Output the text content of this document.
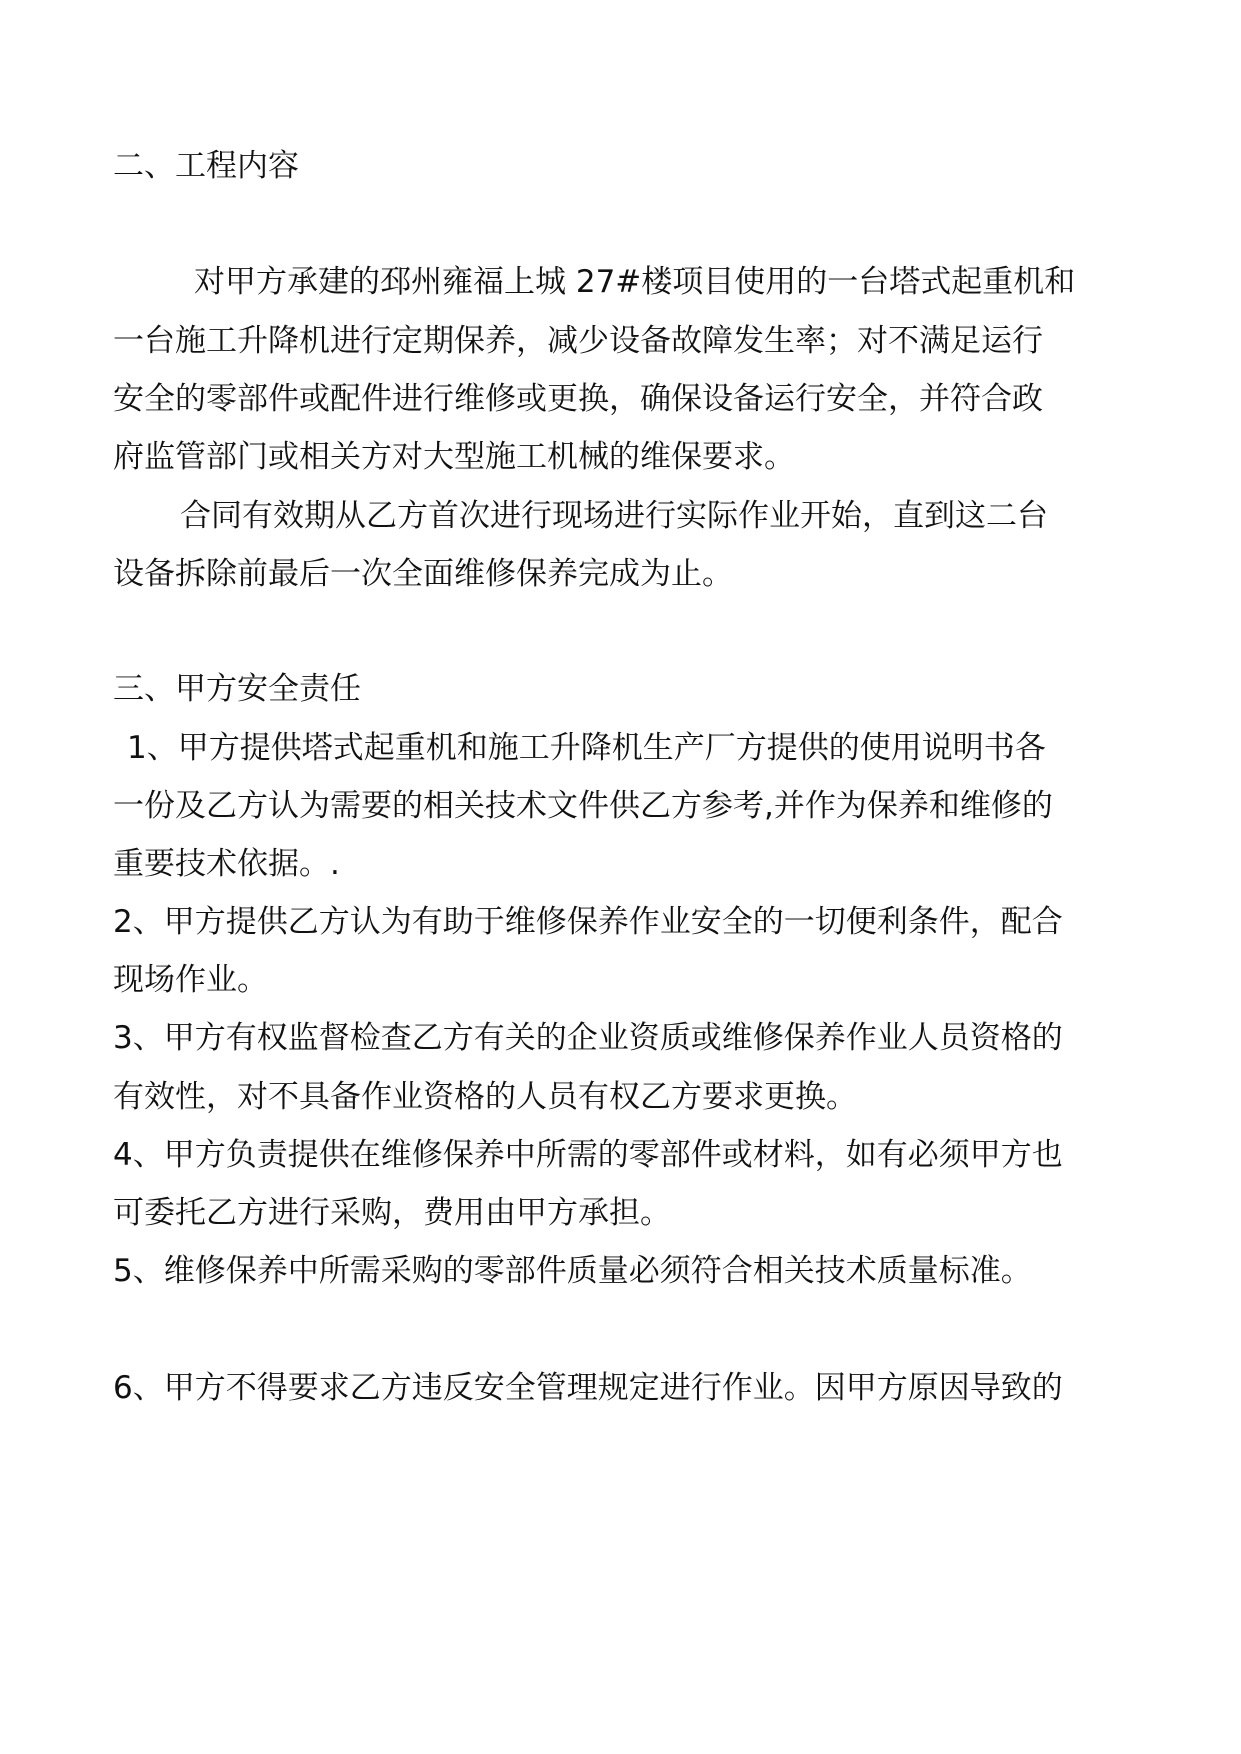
二、工程内容
对甲方承建的邳州雍福上城 27#楼项目使用的一台塔式起重机和
一台施工升降机进行定期保养，减少设备故障发生率；对不满足运行
安全的零部件或配件进行维修或更换，确保设备运行安全，并符合政
府监管部门或相关方对大型施工机械的维保要求。
合同有效期从乙方首次进行现场进行实际作业开始，直到这二台
设备拆除前最后一次全面维修保养完成为止。
三、甲方安全责任
1、甲方提供塔式起重机和施工升降机生产厂方提供的使用说明书各
一份及乙方认为需要的相关技术文件供乙方参考,并作为保养和维修的
重要技术依据。.
2、甲方提供乙方认为有助于维修保养作业安全的一切便利条件，配合
现场作业。
3、甲方有权监督检查乙方有关的企业资质或维修保养作业人员资格的
有效性，对不具备作业资格的人员有权乙方要求更换。
4、甲方负责提供在维修保养中所需的零部件或材料，如有必须甲方也
可委托乙方进行采购，费用由甲方承担。
5、维修保养中所需采购的零部件质量必须符合相关技术质量标准。
6、甲方不得要求乙方违反安全管理规定进行作业。因甲方原因导致的
